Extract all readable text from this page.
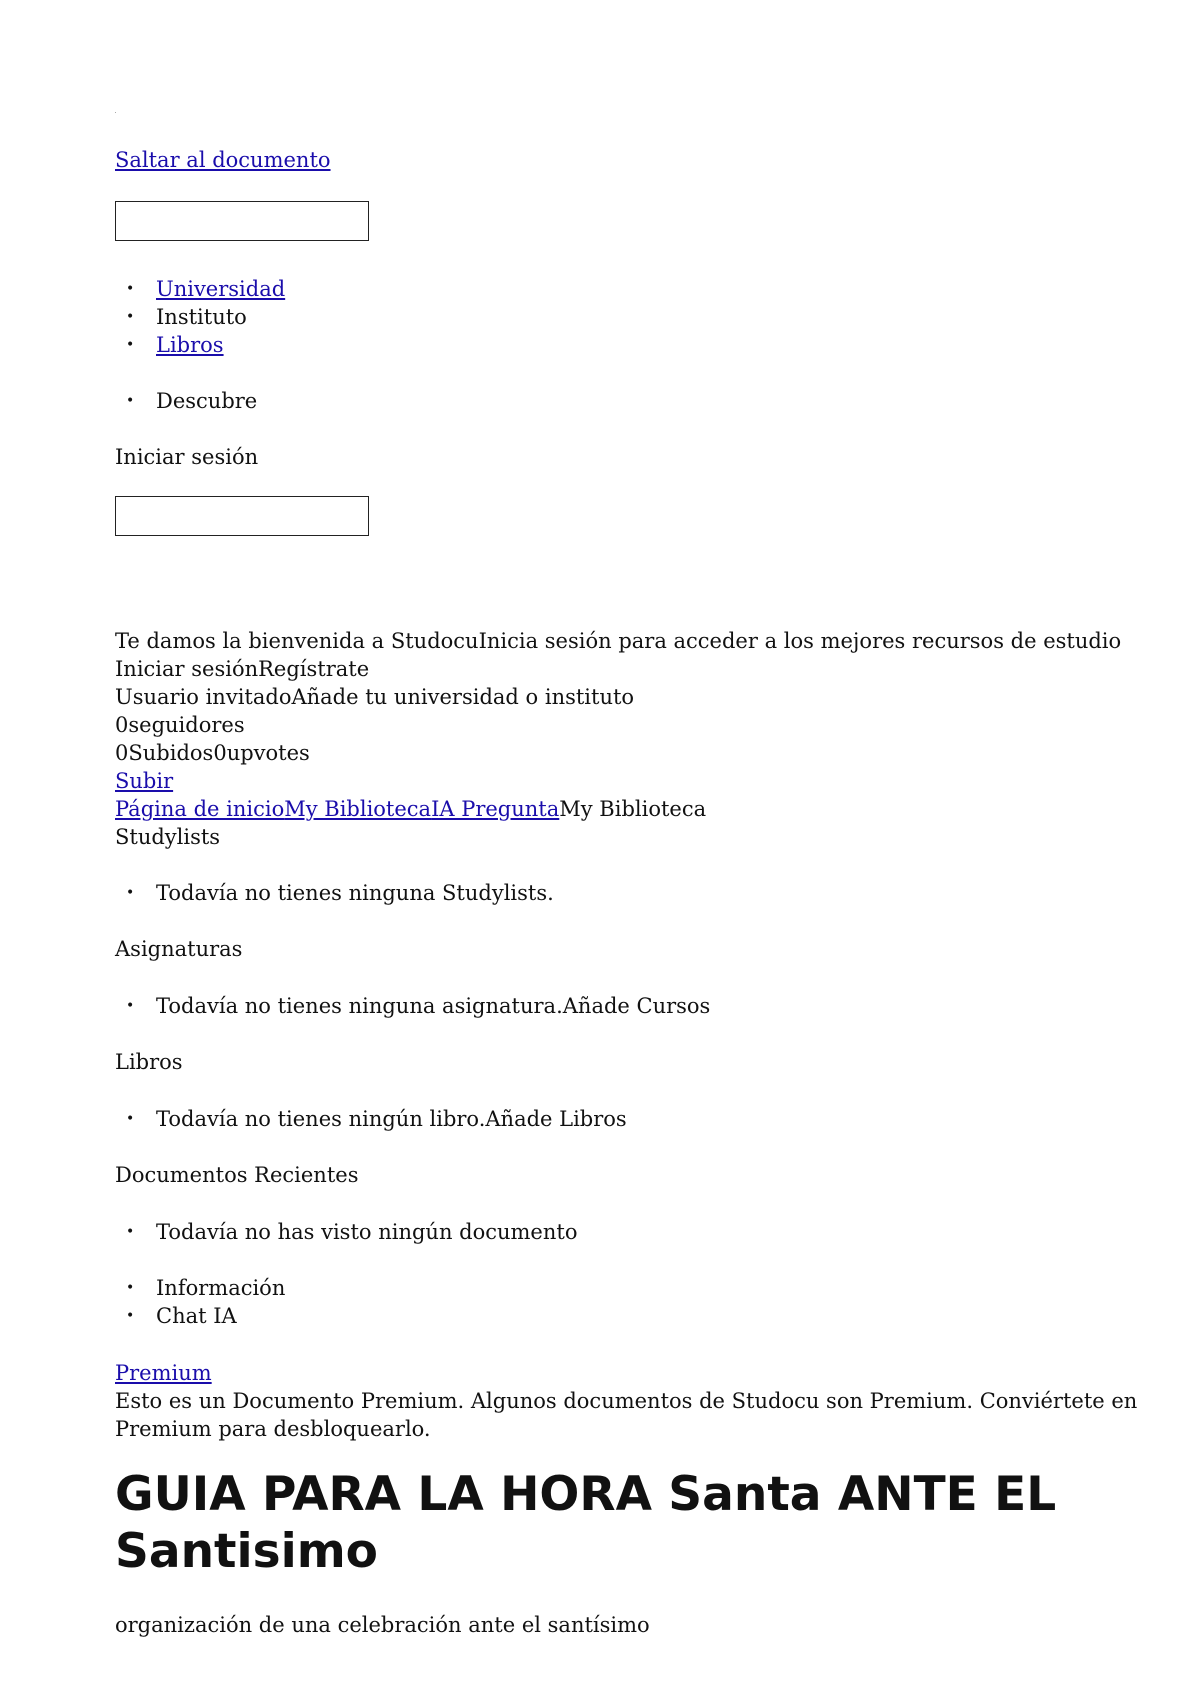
Saltar al documento
• Universidad
• Instituto
• Libros
• Descubre
Iniciar sesión
Te damos la bienvenida a StudocuInicia sesión para acceder a los mejores recursos de estudio
Iniciar sesiónRegístrate
Usuario invitadoAñade tu universidad o instituto
0seguidores
0Subidos0upvotes
Subir
Página de inicioMy BibliotecaIA PreguntaMy Biblioteca
Studylists
• Todavía no tienes ninguna Studylists.
Asignaturas
• Todavía no tienes ninguna asignatura.Añade Cursos
Libros
• Todavía no tienes ningún libro.Añade Libros
Documentos Recientes
• Todavía no has visto ningún documento
• Información
• Chat IA
Premium
Esto es un Documento Premium. Algunos documentos de Studocu son Premium. Conviértete en Premium para desbloquearlo.
GUIA PARA LA HORA Santa ANTE EL Santisimo
organización de una celebración ante el santísimo
